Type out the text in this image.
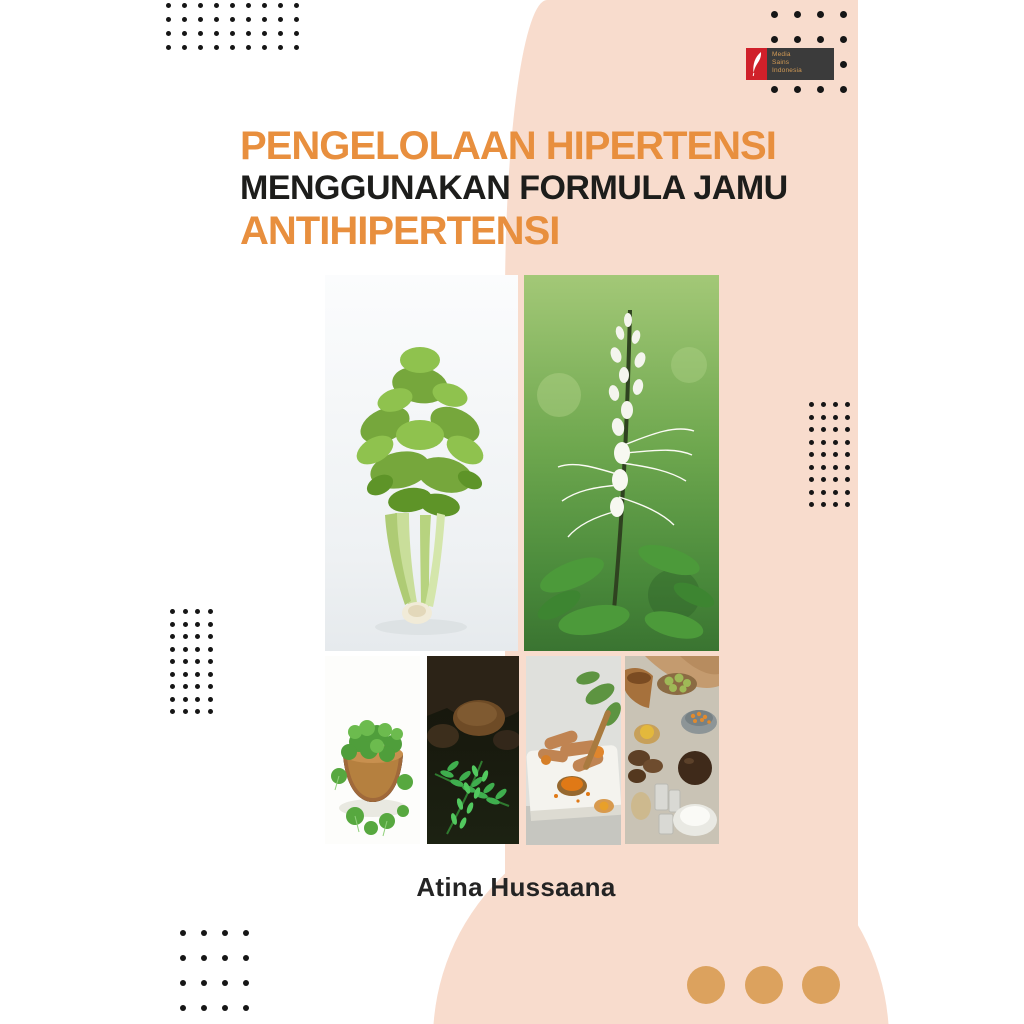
Media
Sains
Indonesia
PENGELOLAAN HIPERTENSI
MENGGUNAKAN FORMULA JAMU
ANTIHIPERTENSI
Atina Hussaana
